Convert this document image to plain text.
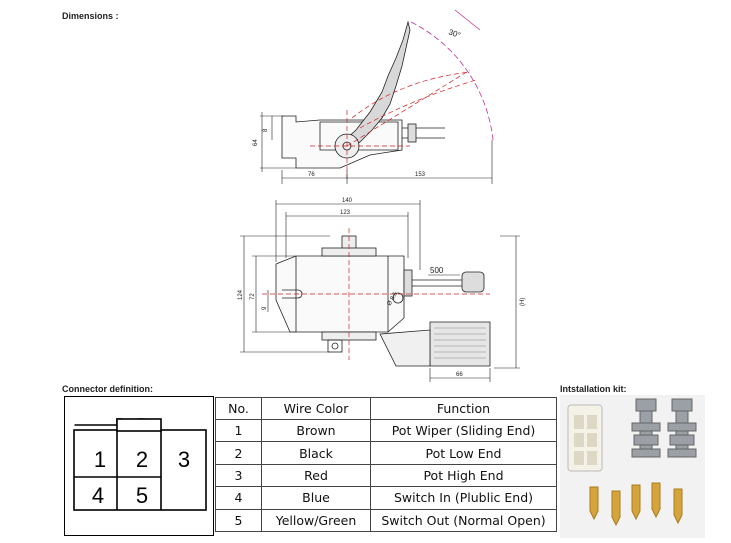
Dimensions :
Connector definition:	Intstallation kit:
30°
64
8
76	153
140
123
124 72
9
Ø 8.5
500
(H)
66
1	2	3
4	5
No.	Wire Color	Function
1	Brown	Pot Wiper (Sliding End)
2	Black	Pot Low End
3	Red	Pot High End
4	Blue	Switch In (Plublic End)
5	Yellow/Green	Switch Out (Normal Open)
